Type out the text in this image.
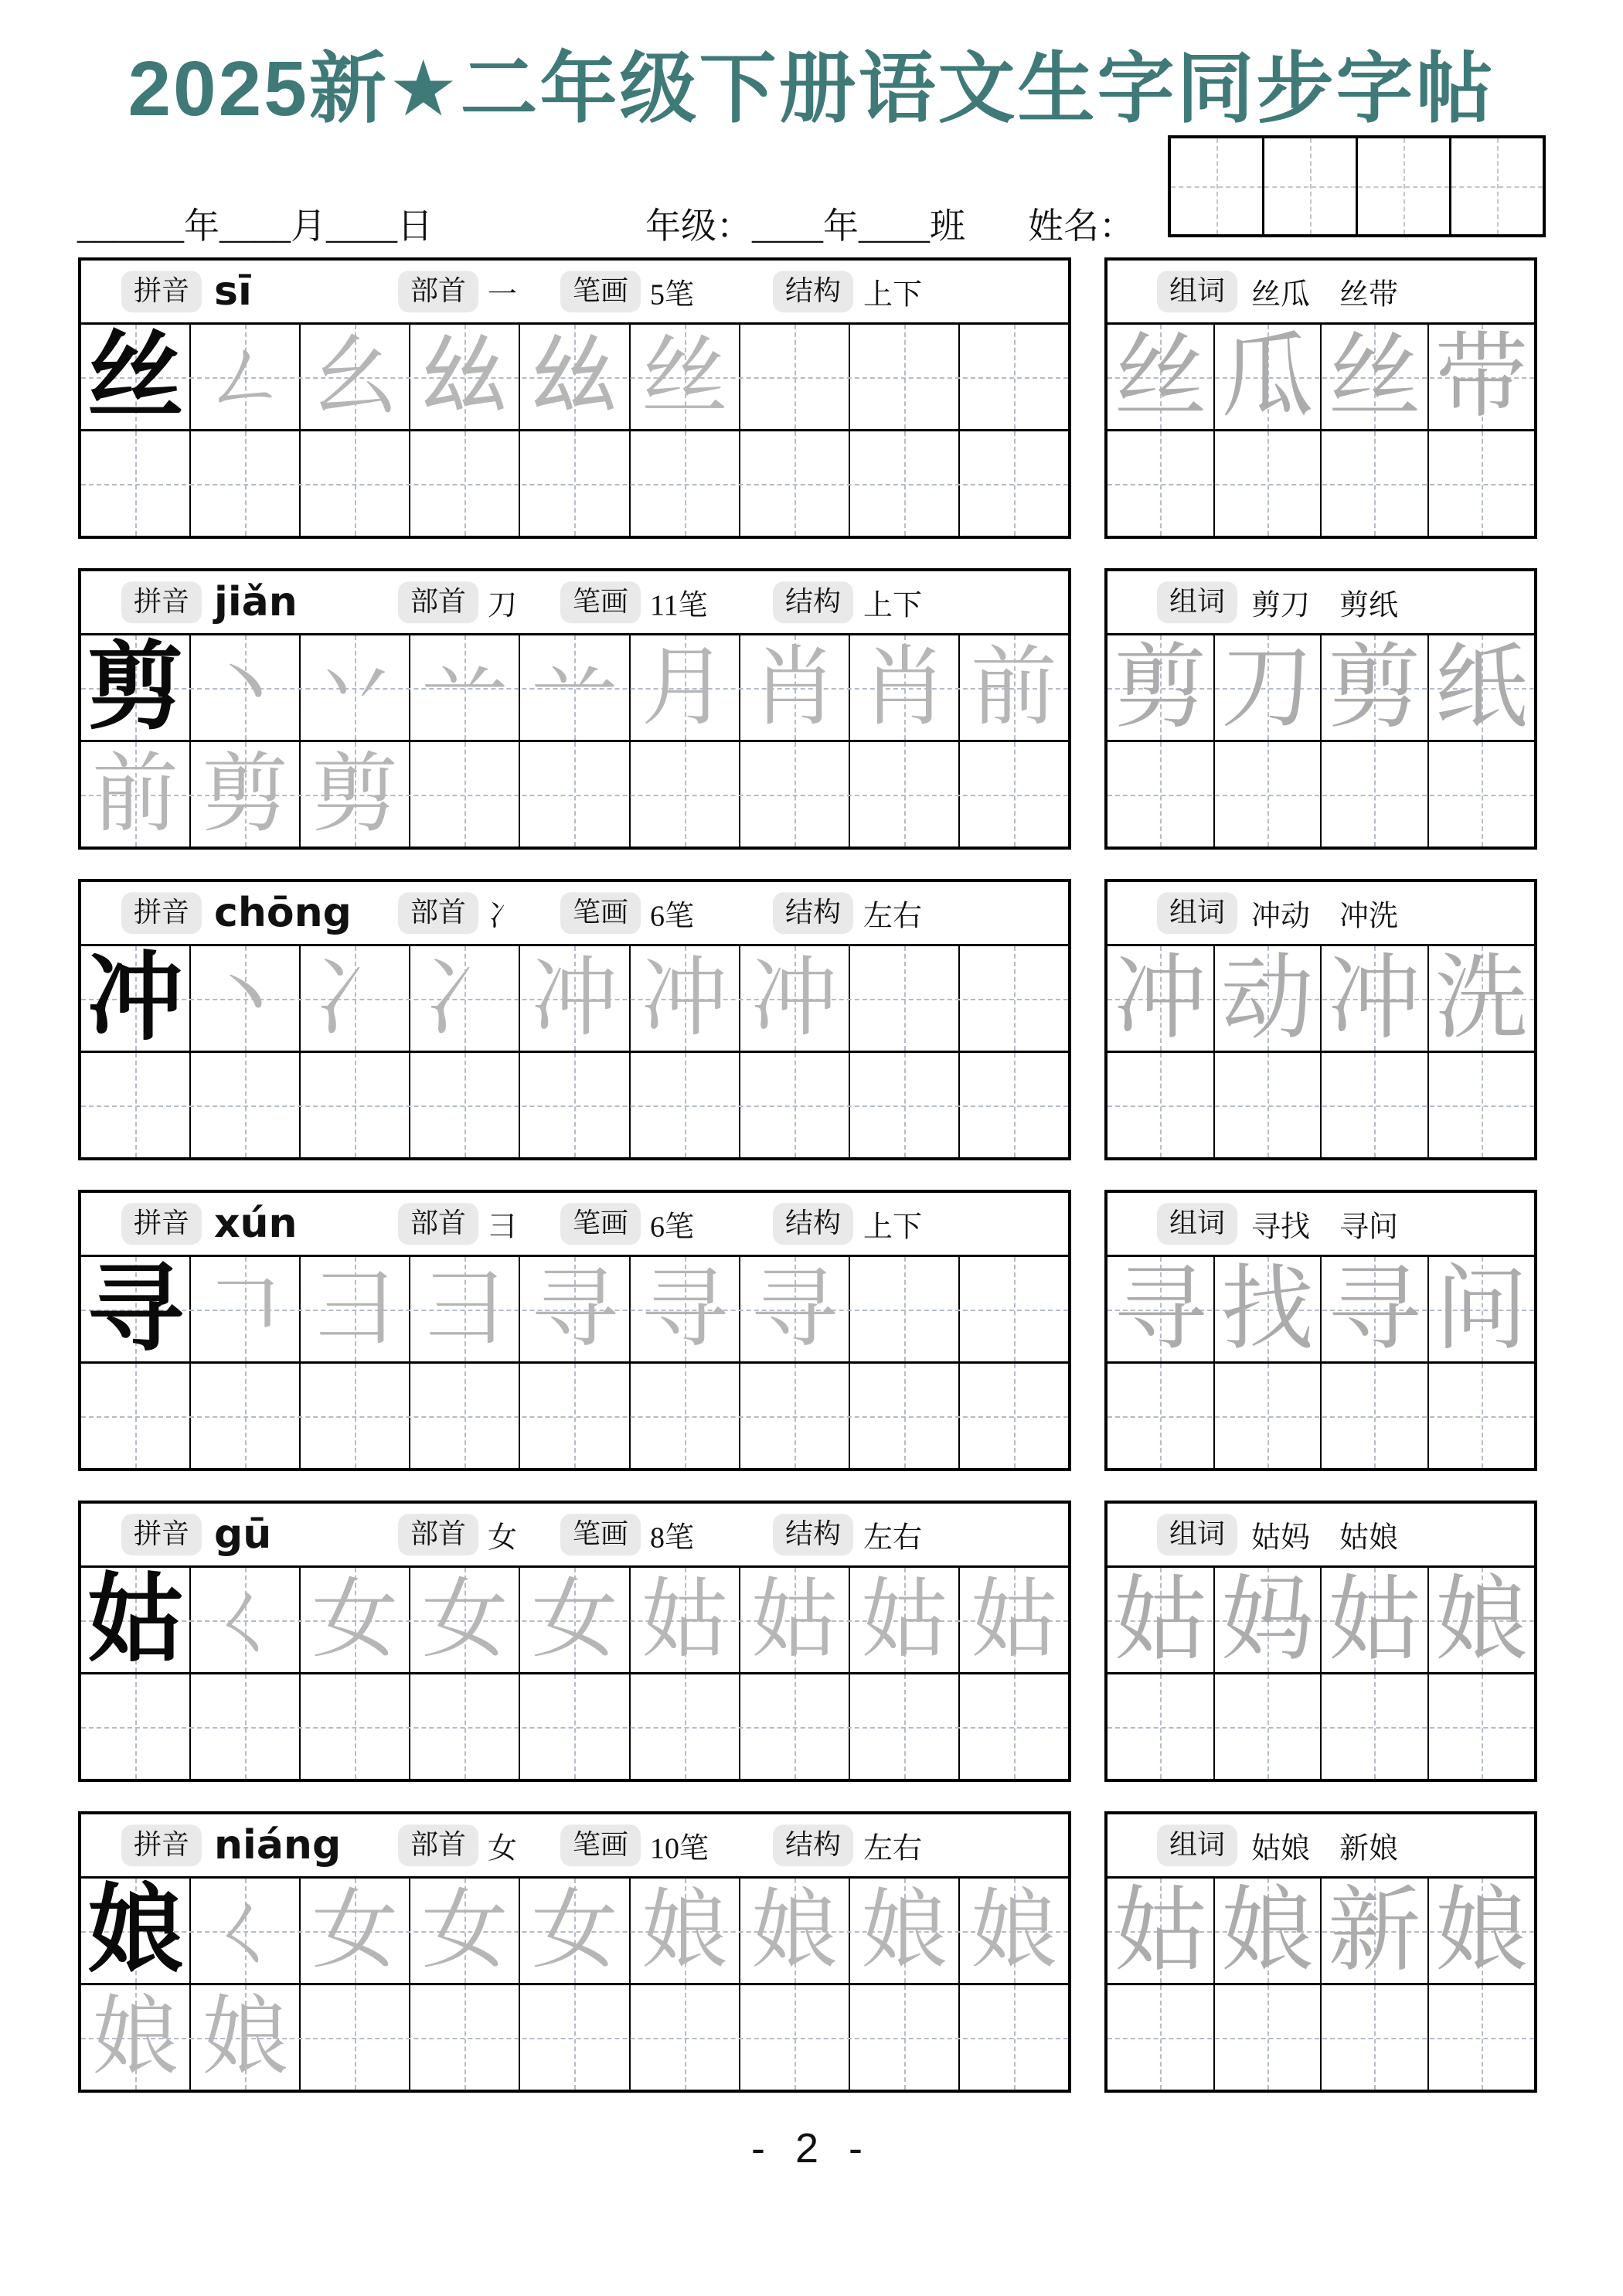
2025新★二年级下册语文生字同步字帖
______年____月____日	年级：____年____班 姓名：
拼音 sī	部首 一	笔画 5笔	结构 上下
丝 ㄥ 幺 𢆶 𢆶 丝
组词 丝瓜　丝带
丝 瓜 丝 带
拼音 jiǎn	部首 刀	笔画 11笔	结构 上下
剪 丶 丷 䒑 䒑 月 肖 肖 前
前 剪 剪
组词 剪刀　剪纸
剪 刀 剪 纸
拼音 chōng	部首 冫	笔画 6笔	结构 左右
冲 丶 冫 冫 冲 冲 冲
组词 冲动　冲洗
冲 动 冲 洗
拼音 xún	部首 彐	笔画 6笔	结构 上下
寻 𠃍 彐 彐 寻 寻 寻
组词 寻找　寻问
寻 找 寻 问
拼音 gū	部首 女	笔画 8笔	结构 左右
姑 ㄑ 女 女 女 姑 姑 姑 姑
组词 姑妈　姑娘
姑 妈 姑 娘
拼音 niáng	部首 女	笔画 10笔	结构 左右
娘 ㄑ 女 女 女 娘 娘 娘 娘
娘 娘
组词 姑娘　新娘
姑 娘 新 娘
- 2 -
